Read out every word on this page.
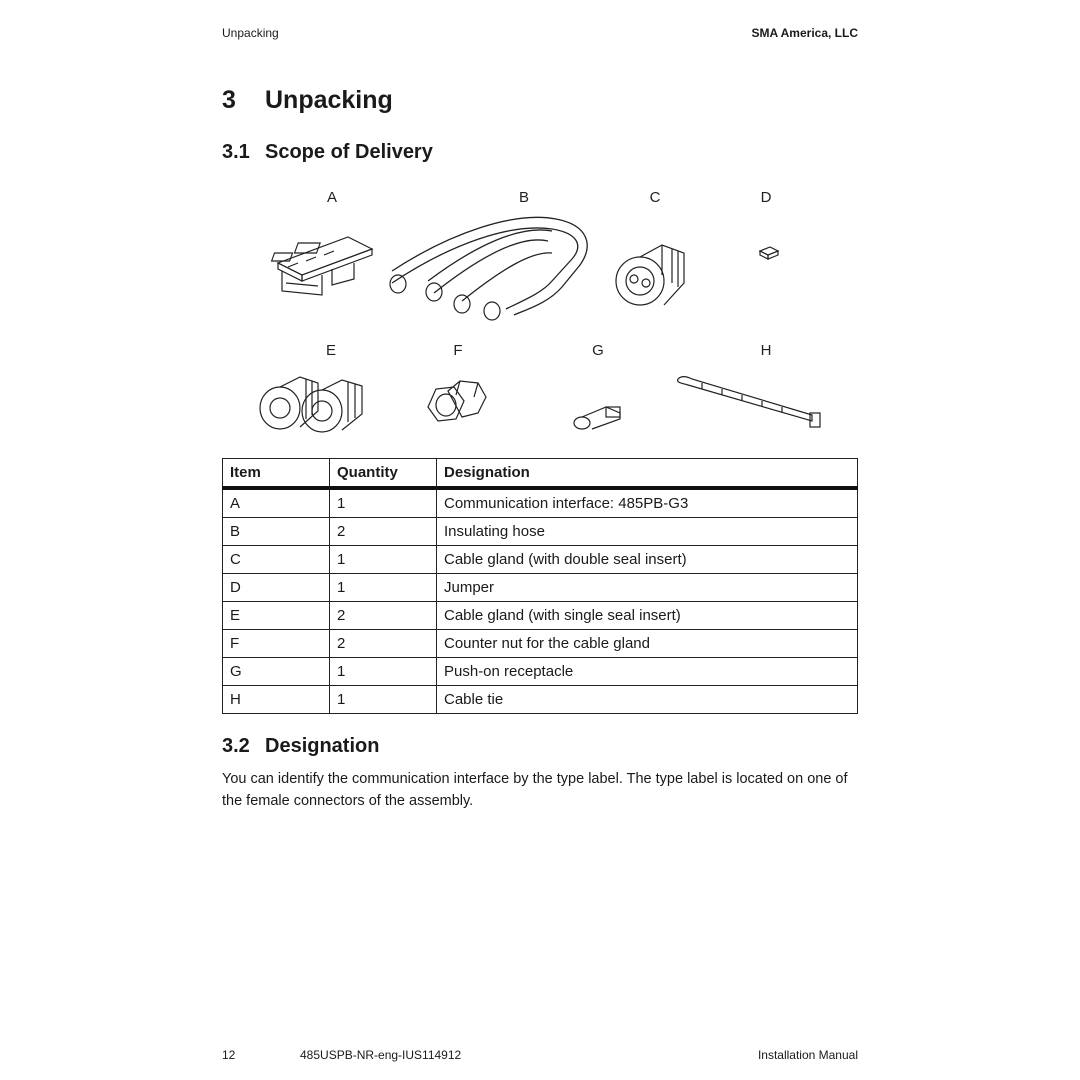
Unpacking	SMA America, LLC
3 Unpacking
3.1 Scope of Delivery
A	B	C	D
E	F	G	H
Item	Quantity	Designation
A	1	Communication interface: 485PB-G3
B	2	Insulating hose
C	1	Cable gland (with double seal insert)
D	1	Jumper
E	2	Cable gland (with single seal insert)
F	2	Counter nut for the cable gland
G	1	Push-on receptacle
H	1	Cable tie
3.2 Designation

You can identify the communication interface by the type label. The type label is located on one of the female connectors of the assembly.

12	485USPB-NR-eng-IUS114912	Installation Manual
